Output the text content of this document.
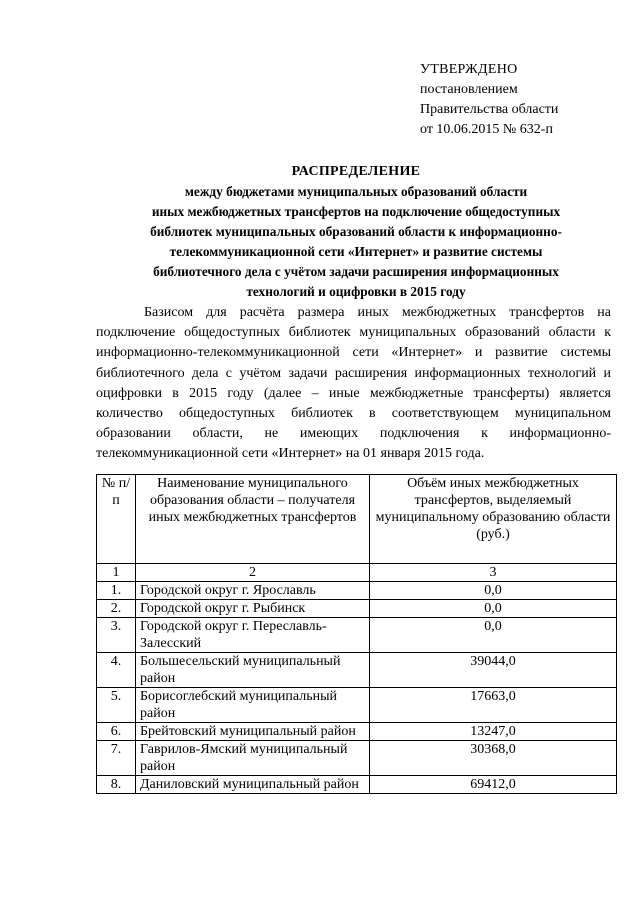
УТВЕРЖДЕНО
постановлением
Правительства области
от 10.06.2015 № 632-п
РАСПРЕДЕЛЕНИЕ
между бюджетами муниципальных образований области
иных межбюджетных трансфертов на подключение общедоступных
библиотек муниципальных образований области к информационно-
телекоммуникационной сети «Интернет» и развитие системы
библиотечного дела с учётом задачи расширения информационных
технологий и оцифровки в 2015 году
Базисом для расчёта размера иных межбюджетных трансфертов на подключение общедоступных библиотек муниципальных образований области к информационно-телекоммуникационной сети «Интернет» и развитие системы библиотечного дела с учётом задачи расширения информационных технологий и оцифровки в 2015 году (далее – иные межбюджетные трансферты) является количество общедоступных библиотек в соответствующем муниципальном образовании области, не имеющих подключения к информационно-телекоммуникационной сети «Интернет» на 01 января 2015 года.
№ п/п	Наименование муниципального образования области – получателя иных межбюджетных трансфертов	Объём иных межбюджетных трансфертов, выделяемый муниципальному образованию области (руб.)
1	2	3
1.	Городской округ г. Ярославль	0,0
2.	Городской округ г. Рыбинск	0,0
3.	Городской округ г. Переславль-Залесский	0,0
4.	Большесельский муниципальный район	39044,0
5.	Борисоглебский муниципальный район	17663,0
6.	Брейтовский муниципальный район	13247,0
7.	Гаврилов-Ямский муниципальный район	30368,0
8.	Даниловский муниципальный район	69412,0
